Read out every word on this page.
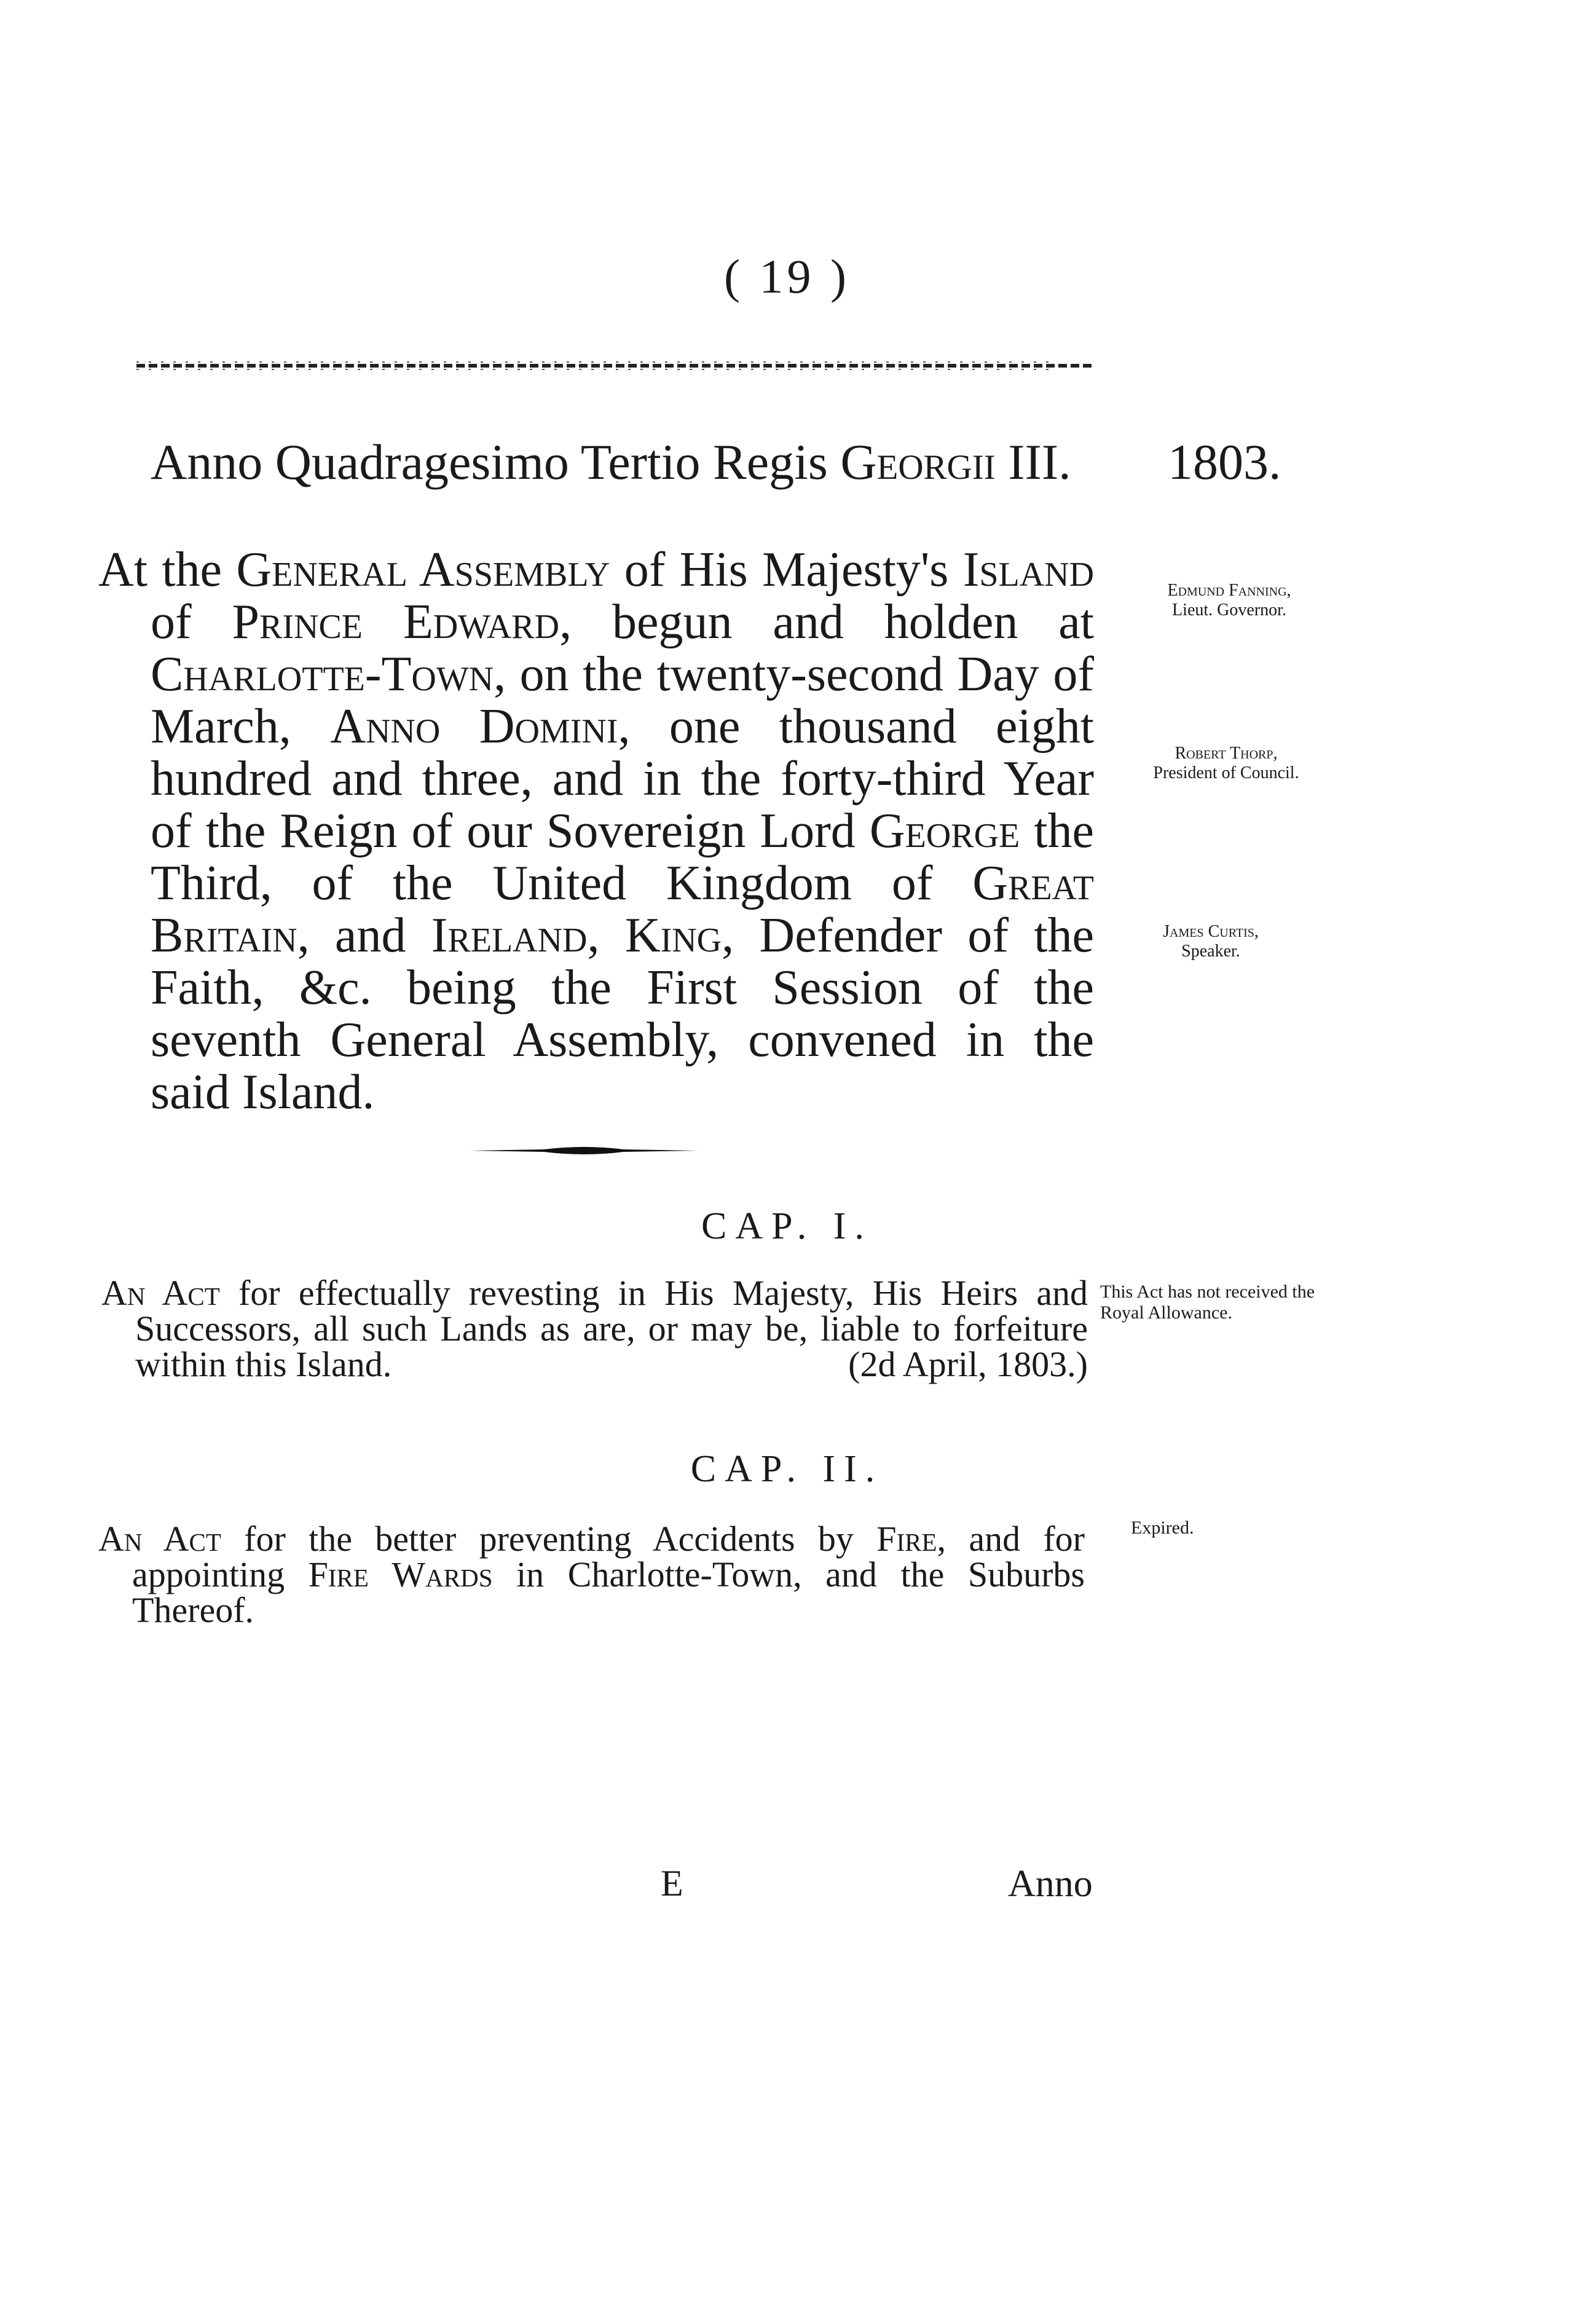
( 19 )
Anno Quadragesimo Tertio Regis Georgii III. 1803.

At the General Assembly of His Majesty's Island of Prince Edward, begun and holden at Charlotte-Town, on the twenty-second Day of March, Anno Domini, one thousand eight hundred and three, and in the forty-third Year of the Reign of our Sovereign Lord George the Third, of the United Kingdom of Great Britain, and Ireland, King, Defender of the Faith, &c. being the First Session of the seventh General Assembly, convened in the said Island.

Edmund Fanning,
Lieut. Governor.
Robert Thorp,
President of Council.
James Curtis,
Speaker.
CAP. I.

An Act for effectually revesting in His Majesty, His Heirs and Successors, all such Lands as are, or may be, liable to forfeiture within this Island.	(2d April, 1803.)

This Act has not received the Royal Allowance.
CAP. II.

An Act for the better preventing Accidents by Fire, and for appointing Fire Wards in Charlotte-Town, and the Suburbs Thereof.

Expired.
E	Anno
